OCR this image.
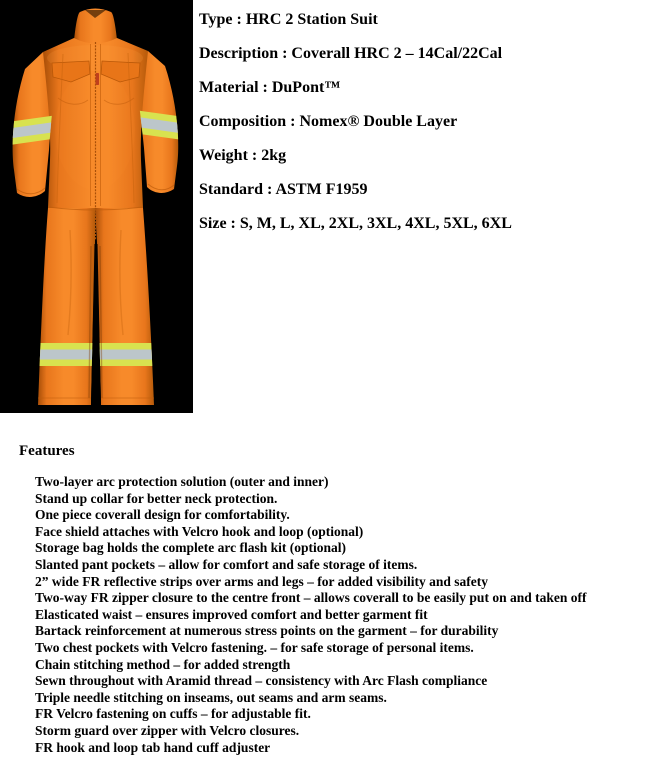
Type : HRC 2 Station Suit
Description : Coverall HRC 2 – 14Cal/22Cal
Material : DuPont™
Composition : Nomex® Double Layer
Weight : 2kg
Standard : ASTM F1959
Size : S, M, L, XL, 2XL, 3XL, 4XL, 5XL, 6XL
Features
Two-layer arc protection solution (outer and inner)
Stand up collar for better neck protection.
One piece coverall design for comfortability.
Face shield attaches with Velcro hook and loop (optional)
Storage bag holds the complete arc flash kit (optional)
Slanted pant pockets – allow for comfort and safe storage of items.
2” wide FR reflective strips over arms and legs – for added visibility and safety
Two-way FR zipper closure to the centre front – allows coverall to be easily put on and taken off
Elasticated waist – ensures improved comfort and better garment fit
Bartack reinforcement at numerous stress points on the garment – for durability
Two chest pockets with Velcro fastening. – for safe storage of personal items.
Chain stitching method – for added strength
Sewn throughout with Aramid thread – consistency with Arc Flash compliance
Triple needle stitching on inseams, out seams and arm seams.
FR Velcro fastening on cuffs – for adjustable fit.
Storm guard over zipper with Velcro closures.
FR hook and loop tab hand cuff adjuster
